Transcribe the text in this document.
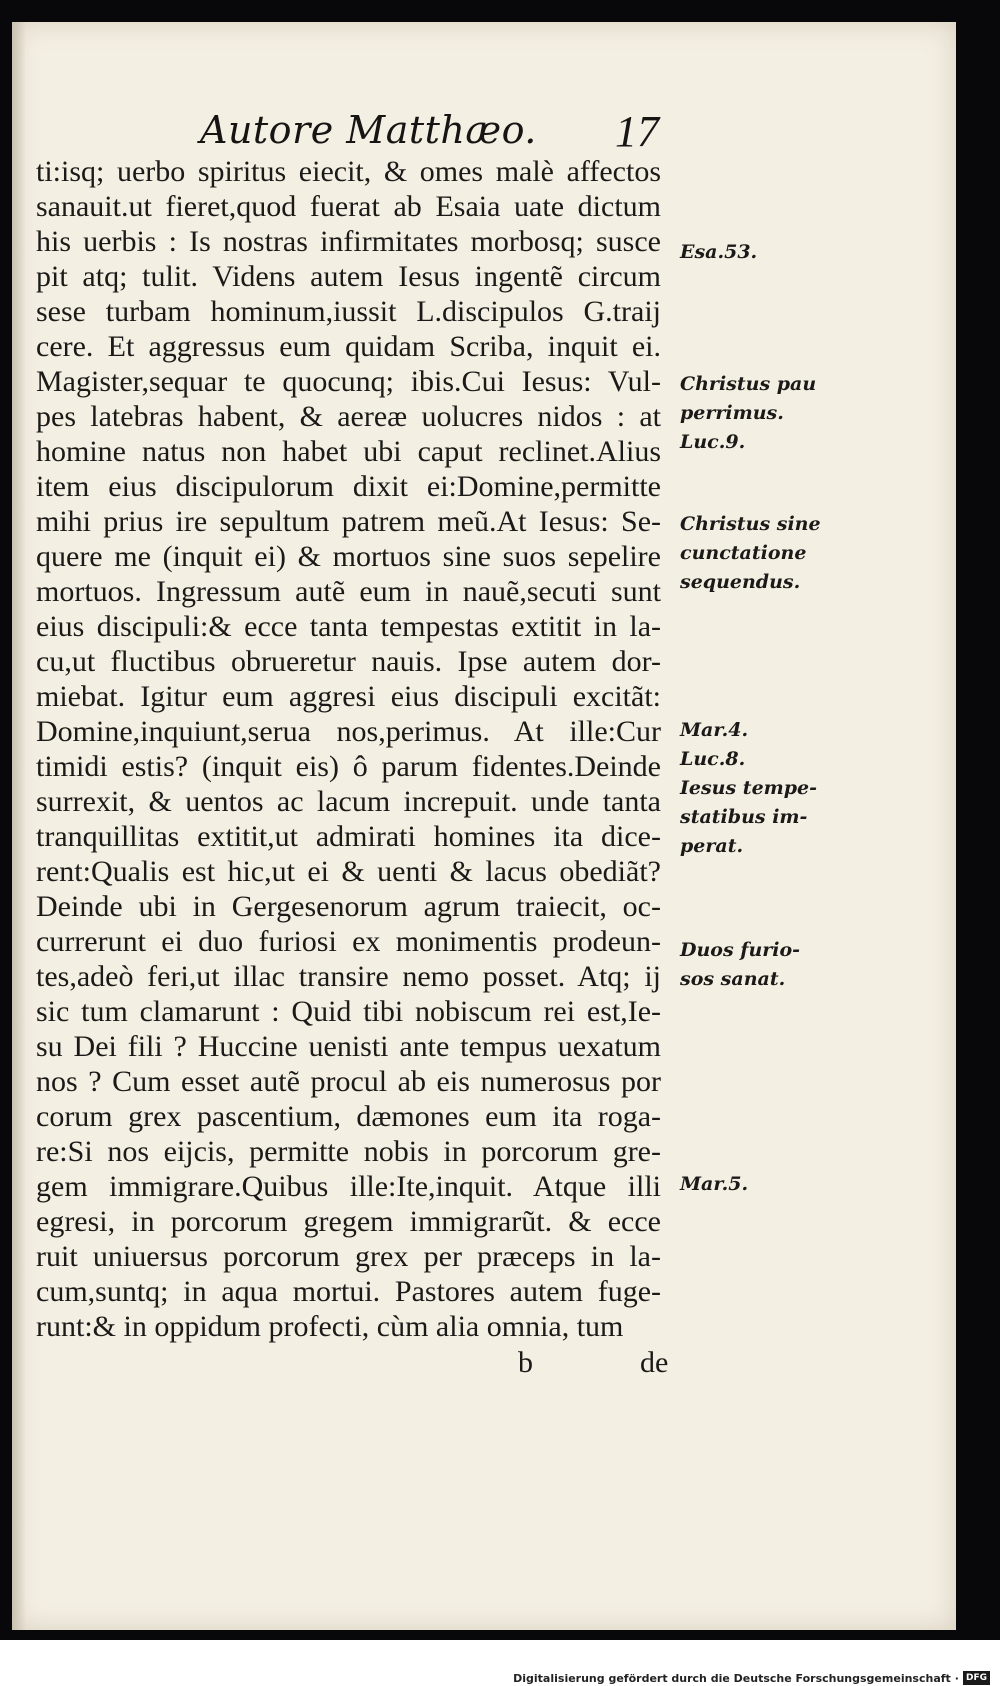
Autore Matthæo. 17
ti:isq; uerbo spiritus eiecit, & omes malè affectos
sanauit.ut fieret,quod fuerat ab Esaia uate dictum
his uerbis : Is nostras infirmitates morbosq; susce
pit atq; tulit. Videns autem Iesus ingentẽ circum
sese turbam hominum,iussit L.discipulos G.traij
cere. Et aggressus eum quidam Scriba, inquit ei.
Magister,sequar te quocunq; ibis.Cui Iesus: Vul-
pes latebras habent, & aereæ uolucres nidos : at
homine natus non habet ubi caput reclinet.Alius
item eius discipulorum dixit ei:Domine,permitte
mihi prius ire sepultum patrem meũ.At Iesus: Se-
quere me (inquit ei) & mortuos sine suos sepelire
mortuos. Ingressum autẽ eum in nauẽ,secuti sunt
eius discipuli:& ecce tanta tempestas extitit in la-
cu,ut fluctibus obrueretur nauis. Ipse autem dor-
miebat. Igitur eum aggresi eius discipuli excitãt:
Domine,inquiunt,serua nos,perimus. At ille:Cur
timidi estis? (inquit eis) ô parum fidentes.Deinde
surrexit, & uentos ac lacum increpuit. unde tanta
tranquillitas extitit,ut admirati homines ita dice-
rent:Qualis est hic,ut ei & uenti & lacus obediãt?
Deinde ubi in Gergesenorum agrum traiecit, oc-
currerunt ei duo furiosi ex monimentis prodeun-
tes,adeò feri,ut illac transire nemo posset. Atq; ij
sic tum clamarunt : Quid tibi nobiscum rei est,Ie-
su Dei fili ? Huccine uenisti ante tempus uexatum
nos ? Cum esset autẽ procul ab eis numerosus por
corum grex pascentium, dæmones eum ita roga-
re:Si nos eijcis, permitte nobis in porcorum gre-
gem immigrare.Quibus ille:Ite,inquit. Atque illi
egresi, in porcorum gregem immigrarũt. & ecce
ruit uniuersus porcorum grex per præceps in la-
cum,suntq; in aqua mortui. Pastores autem fuge-
runt:& in oppidum profecti, cùm alia omnia, tum
Esa.53.
Christus pau
perrimus.
Luc.9.
Christus sine
cunctatione
sequendus.
Mar.4.
Luc.8.
Iesus tempe-
statibus im-
perat.
Duos furio-
sos sanat.
Mar.5.
b	de
Digitalisierung gefördert durch die Deutsche Forschungsgemeinschaft · DFG
